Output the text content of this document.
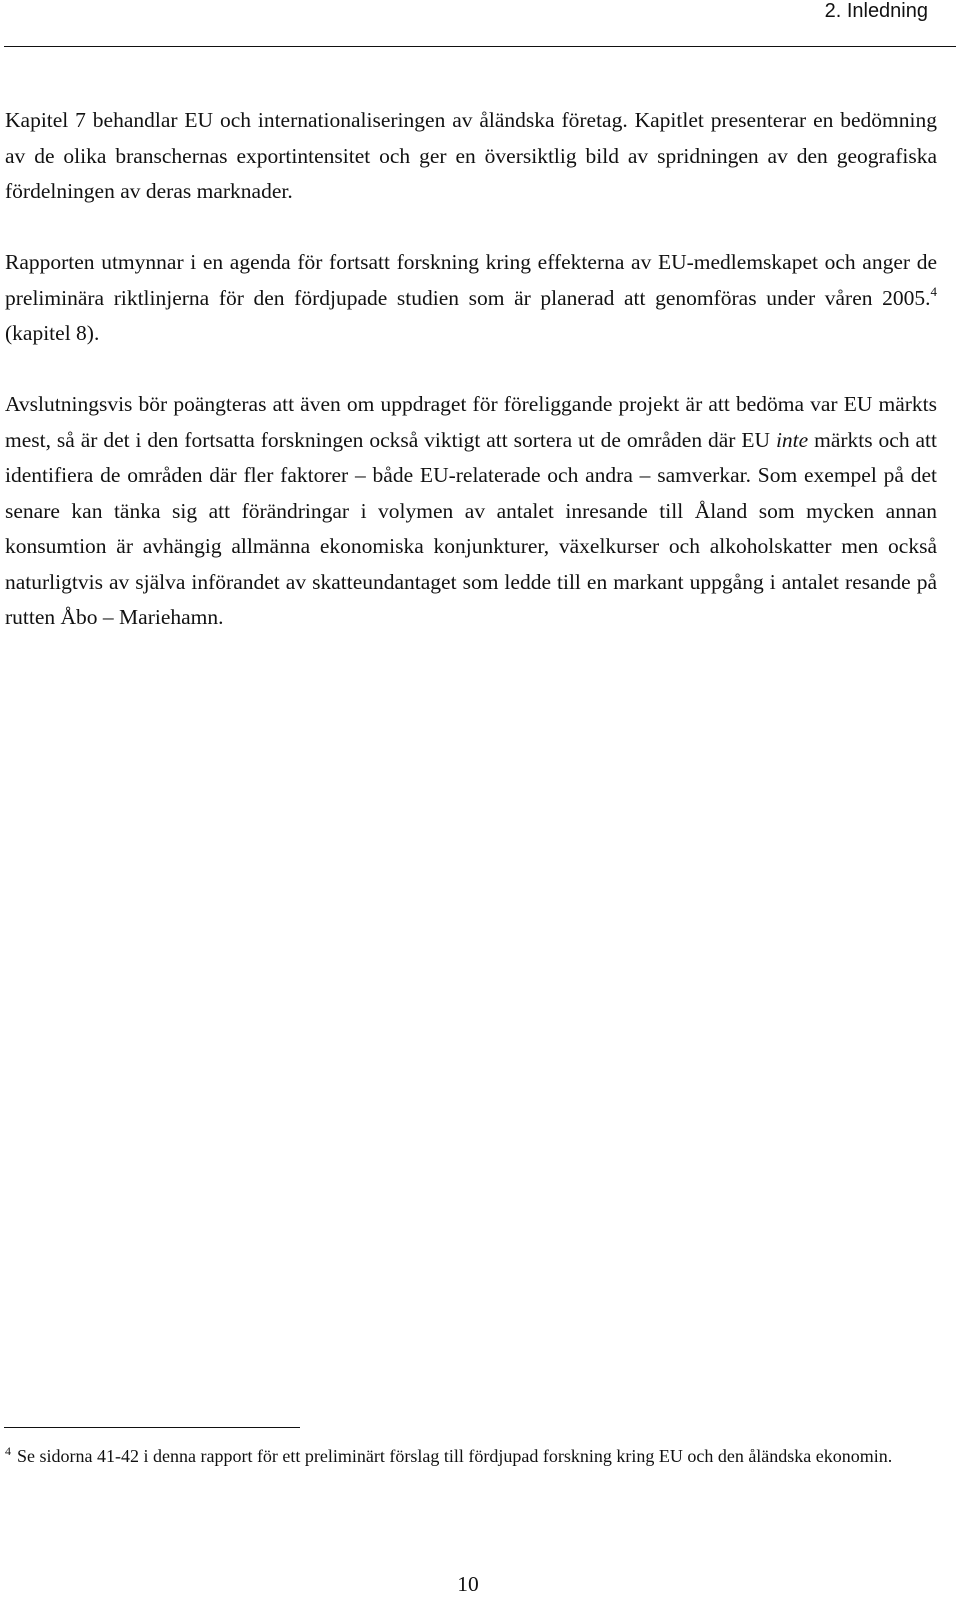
2. Inledning

Kapitel 7 behandlar EU och internationaliseringen av åländska företag. Kapitlet presenterar en bedömning av de olika branschernas exportintensitet och ger en översiktlig bild av spridningen av den geografiska fördelningen av deras marknader.

Rapporten utmynnar i en agenda för fortsatt forskning kring effekterna av EU-medlemskapet och anger de preliminära riktlinjerna för den fördjupade studien som är planerad att genomföras under våren 2005.$^4$ (kapitel 8).

Avslutningsvis bör poängteras att även om uppdraget för föreliggande projekt är att bedöma var EU märkts mest, så är det i den fortsatta forskningen också viktigt att sortera ut de områden där EU inte märkts och att identifiera de områden där fler faktorer – både EU-relaterade och andra – samverkar. Som exempel på det senare kan tänka sig att förändringar i volymen av antalet inresande till Åland som mycken annan konsumtion är avhängig allmänna ekonomiska konjunkturer, växelkurser och alkoholskatter men också naturligtvis av själva införandet av skatteundantaget som ledde till en markant uppgång i antalet resande på rutten Åbo – Mariehamn.

$^4$ Se sidorna 41-42 i denna rapport för ett preliminärt förslag till fördjupad forskning kring EU och den åländska ekonomin.

10
